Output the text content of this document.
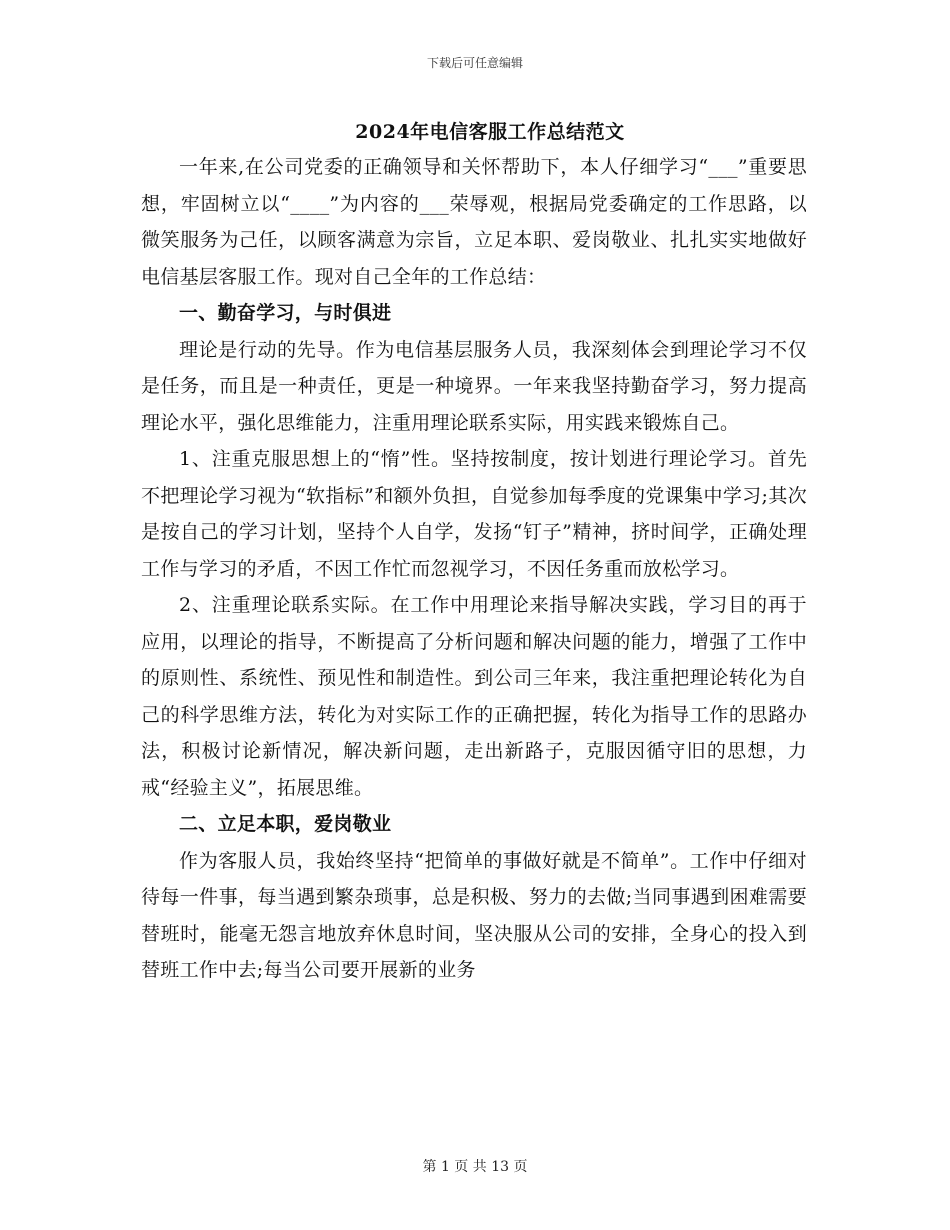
下载后可任意编辑
2024年电信客服工作总结范文

一年来,在公司党委的正确领导和关怀帮助下，本人仔细学习“___”重要思想，牢固树立以“____”为内容的___荣辱观，根据局党委确定的工作思路，以微笑服务为己任，以顾客满意为宗旨，立足本职、爱岗敬业、扎扎实实地做好电信基层客服工作。现对自己全年的工作总结：

一、勤奋学习，与时俱进

理论是行动的先导。作为电信基层服务人员，我深刻体会到理论学习不仅是任务，而且是一种责任，更是一种境界。一年来我坚持勤奋学习，努力提高理论水平，强化思维能力，注重用理论联系实际，用实践来锻炼自己。

1、注重克服思想上的“惰”性。坚持按制度，按计划进行理论学习。首先不把理论学习视为“软指标”和额外负担，自觉参加每季度的党课集中学习;其次是按自己的学习计划，坚持个人自学，发扬“钉子”精神，挤时间学，正确处理工作与学习的矛盾，不因工作忙而忽视学习，不因任务重而放松学习。

2、注重理论联系实际。在工作中用理论来指导解决实践，学习目的再于应用，以理论的指导，不断提高了分析问题和解决问题的能力，增强了工作中的原则性、系统性、预见性和制造性。到公司三年来，我注重把理论转化为自己的科学思维方法，转化为对实际工作的正确把握，转化为指导工作的思路办法，积极讨论新情况，解决新问题，走出新路子，克服因循守旧的思想，力戒“经验主义”，拓展思维。

二、立足本职，爱岗敬业

作为客服人员，我始终坚持“把简单的事做好就是不简单”。工作中仔细对待每一件事，每当遇到繁杂琐事，总是积极、努力的去做;当同事遇到困难需要替班时，能毫无怨言地放弃休息时间，坚决服从公司的安排，全身心的投入到替班工作中去;每当公司要开展新的业务

第 1 页 共 13 页
